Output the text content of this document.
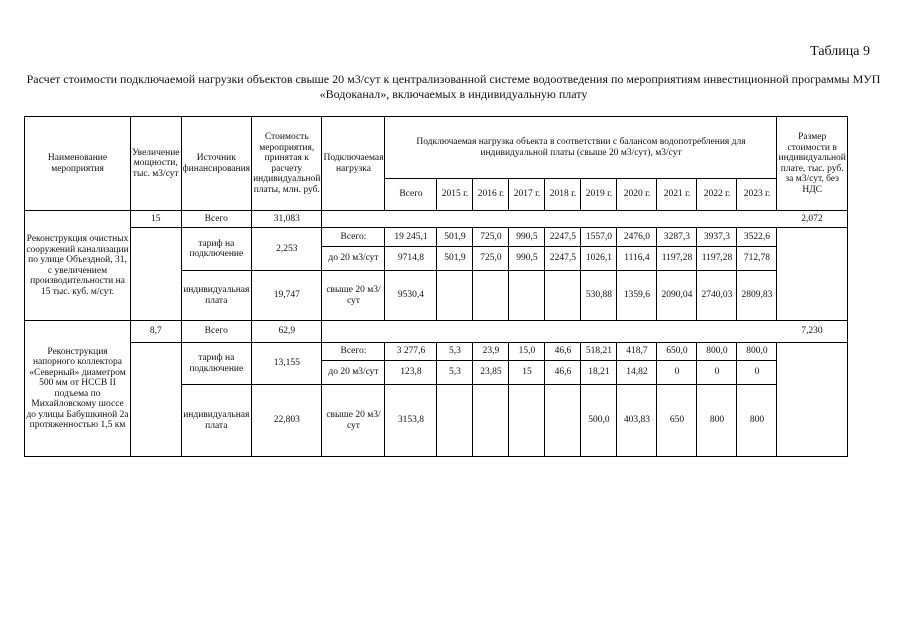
Таблица 9
Расчет стоимости подключаемой нагрузки объектов свыше 20 м3/сут к централизованной системе водоотведения по мероприятиям инвестиционной программы МУП «Водоканал», включаемых в индивидуальную плату
Наименование мероприятия	Увеличение мощности, тыс. м3/сут	Источник финансирования	Стоимость мероприятия, принятая к расчету индивидуальной платы, млн. руб.	Подключаемая нагрузка	Подключаемая нагрузка объекта в соответствии с балансом водопотребления для индивидуальной платы (свыше 20 м3/сут), м3/сут										Размер стоимости в индивидуальной плате, тыс. руб. за м3/сут, без НДС
					Всего	2015 г.	2016 г.	2017 г.	2018 г.	2019 г.	2020 г.	2021 г.	2022 г.	2023 г.	
Реконструкция очистных сооружений канализации по улице Объездной, 31, с увеличением производительности на 15 тыс. куб. м/сут.	15	Всего	31,083												2,072
		тариф на подключение	2,253	Всего:	19 245,1	501,9	725,0	990,5	2247,5	1557,0	2476,0	3287,3	3937,3	3522,6	
				до 20 м3/сут	9714,8	501,9	725,0	990,5	2247,5	1026,1	1116,4	1197,28	1197,28	712,78	
		индивидуальная плата	19,747	свыше 20 м3/сут	9530,4					530,88	1359,6	2090,04	2740,03	2809,83	
Реконструкция напорного коллектора «Северный» диаметром 500 мм от НССВ II подъема по Михайловскому шоссе до улицы Бабушкиной 2а протяженностью 1,5 км	8,7	Всего	62,9												7,230
		тариф на подключение	13,155	Всего:	3 277,6	5,3	23,9	15,0	46,6	518,21	418,7	650,0	800,0	800,0	
				до 20 м3/сут	123,8	5,3	23,85	15	46,6	18,21	14,82	0	0	0	
		индивидуальная плата	22,803	свыше 20 м3/сут	3153,8					500,0	403,83	650	800	800	
